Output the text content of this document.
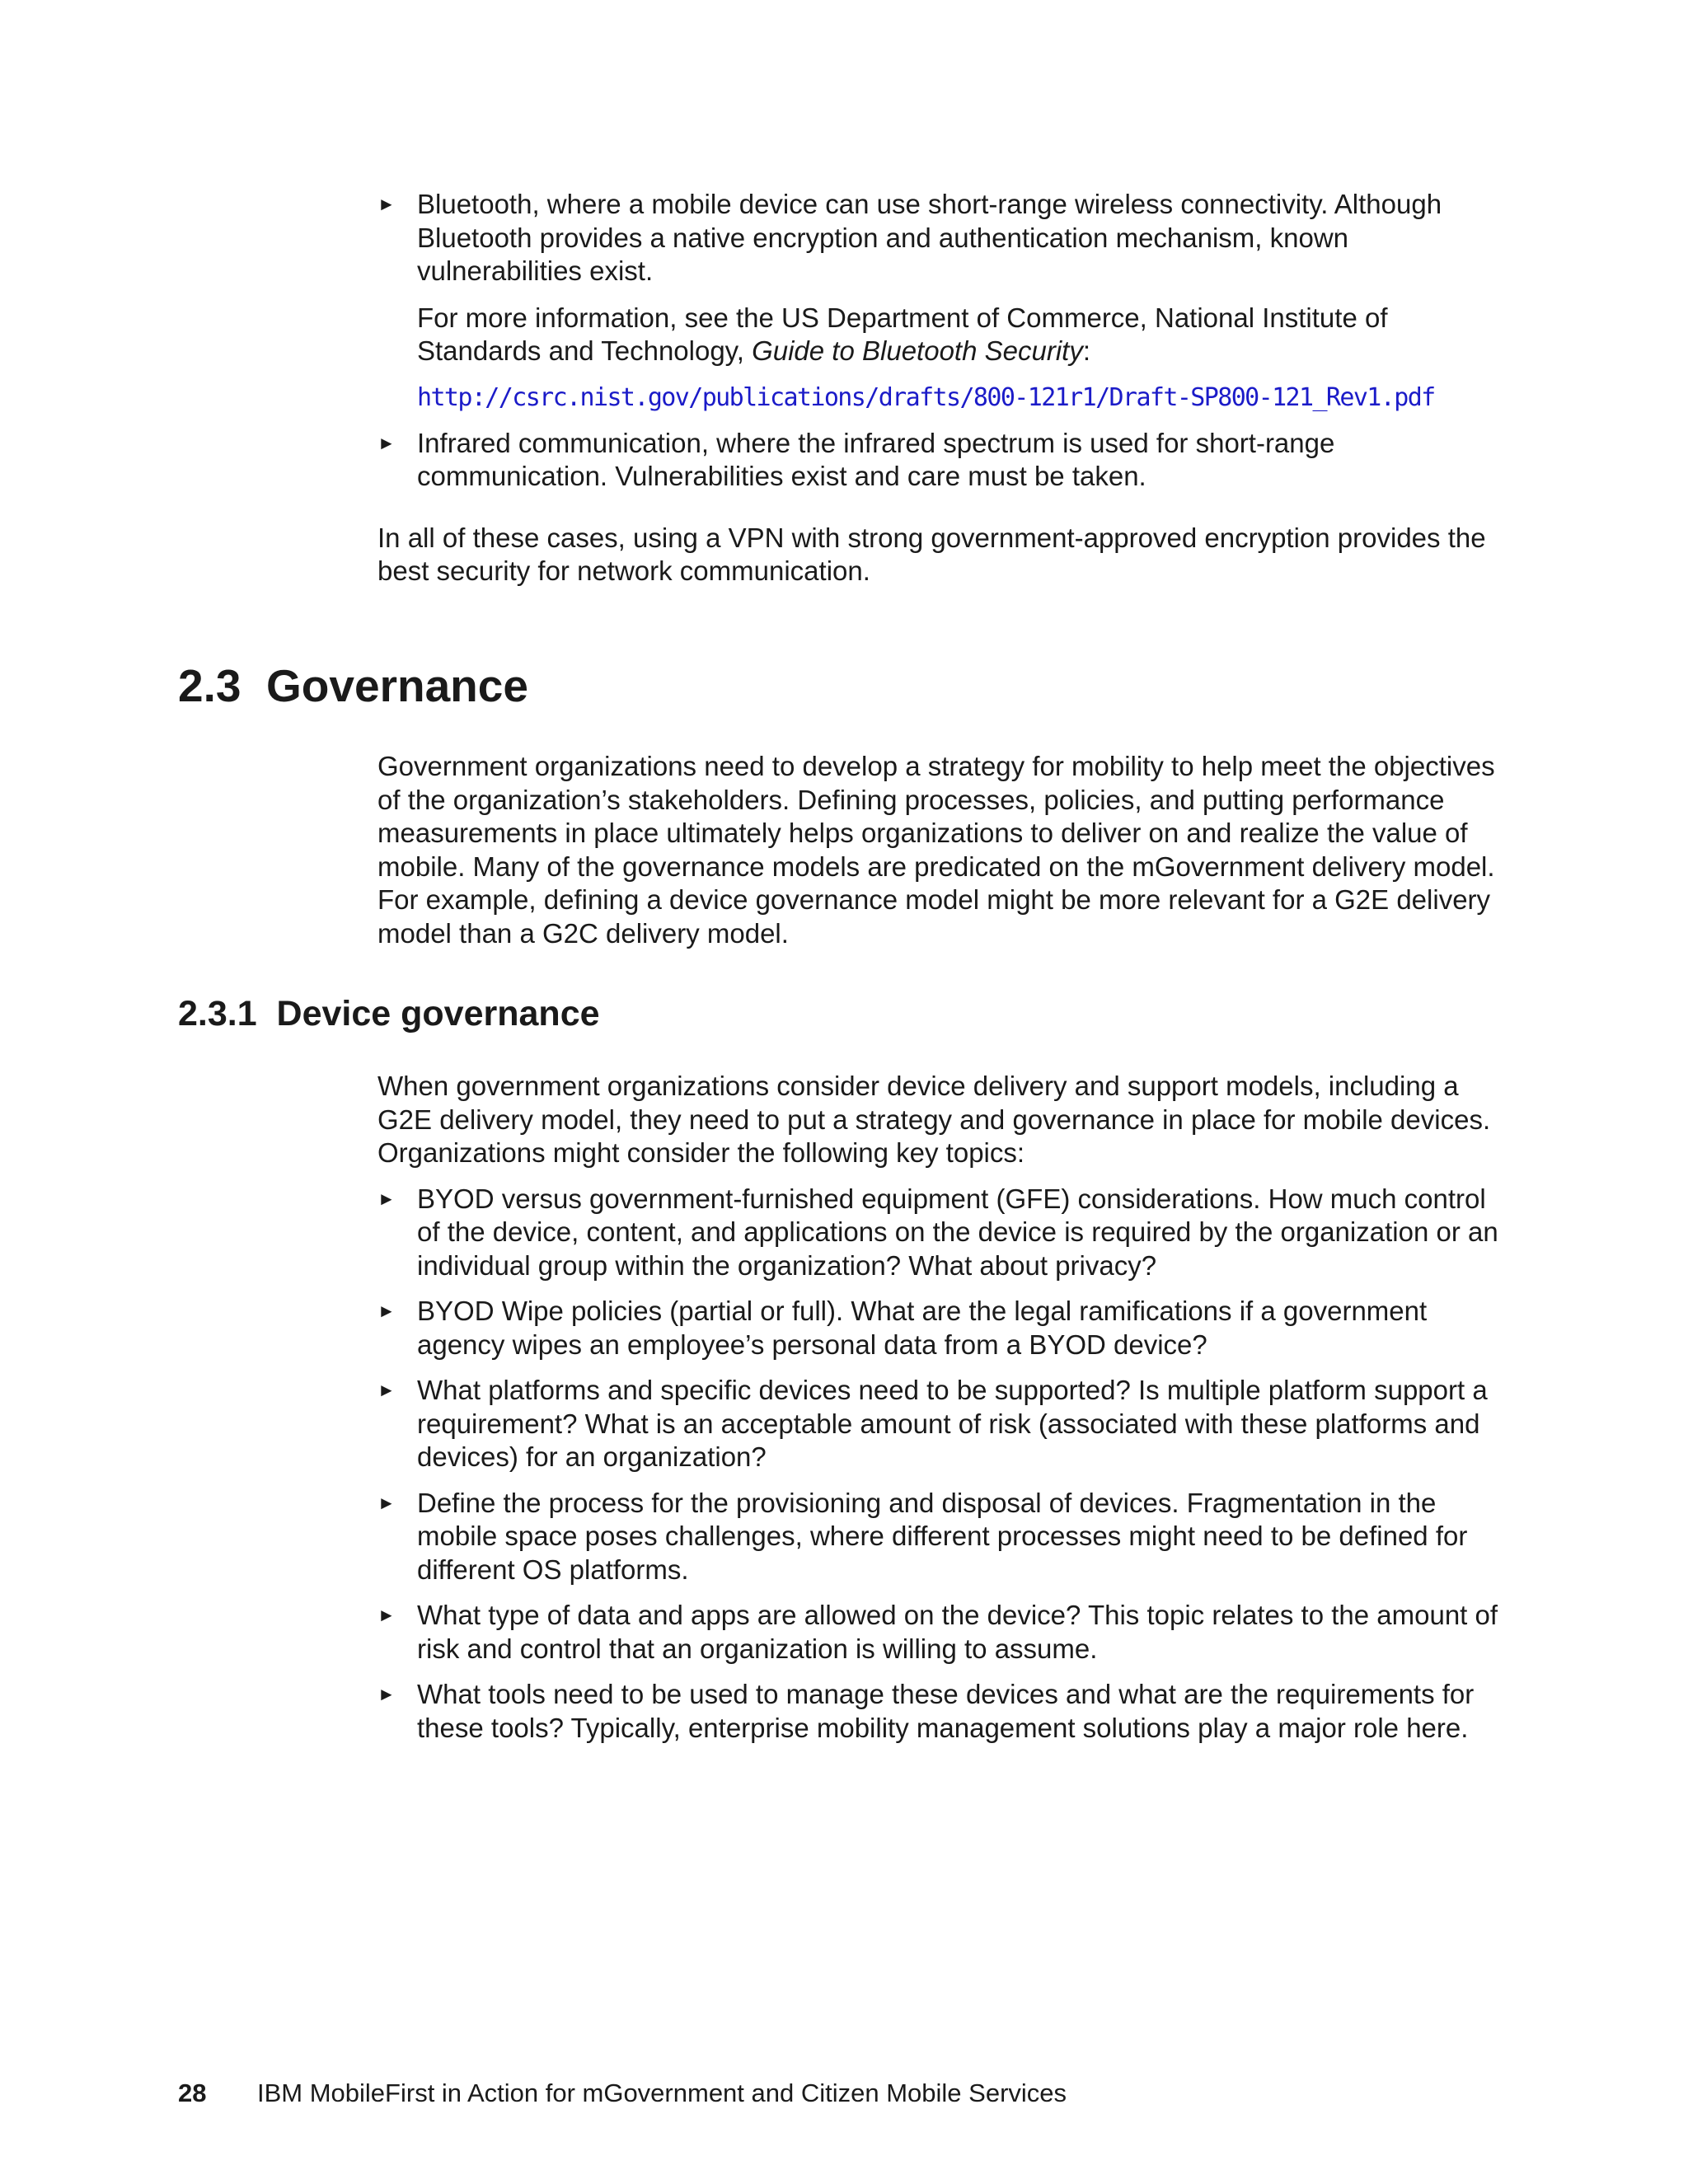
► Bluetooth, where a mobile device can use short-range wireless connectivity. Although Bluetooth provides a native encryption and authentication mechanism, known vulnerabilities exist.
For more information, see the US Department of Commerce, National Institute of Standards and Technology, Guide to Bluetooth Security:
http://csrc.nist.gov/publications/drafts/800-121r1/Draft-SP800-121_Rev1.pdf
► Infrared communication, where the infrared spectrum is used for short-range communication. Vulnerabilities exist and care must be taken.

In all of these cases, using a VPN with strong government-approved encryption provides the best security for network communication.

2.3 Governance

Government organizations need to develop a strategy for mobility to help meet the objectives of the organization’s stakeholders. Defining processes, policies, and putting performance measurements in place ultimately helps organizations to deliver on and realize the value of mobile. Many of the governance models are predicated on the mGovernment delivery model. For example, defining a device governance model might be more relevant for a G2E delivery model than a G2C delivery model.

2.3.1 Device governance

When government organizations consider device delivery and support models, including a G2E delivery model, they need to put a strategy and governance in place for mobile devices. Organizations might consider the following key topics:

► BYOD versus government-furnished equipment (GFE) considerations. How much control of the device, content, and applications on the device is required by the organization or an individual group within the organization? What about privacy?
► BYOD Wipe policies (partial or full). What are the legal ramifications if a government agency wipes an employee’s personal data from a BYOD device?
► What platforms and specific devices need to be supported? Is multiple platform support a requirement? What is an acceptable amount of risk (associated with these platforms and devices) for an organization?
► Define the process for the provisioning and disposal of devices. Fragmentation in the mobile space poses challenges, where different processes might need to be defined for different OS platforms.
► What type of data and apps are allowed on the device? This topic relates to the amount of risk and control that an organization is willing to assume.
► What tools need to be used to manage these devices and what are the requirements for these tools? Typically, enterprise mobility management solutions play a major role here.
28 IBM MobileFirst in Action for mGovernment and Citizen Mobile Services
